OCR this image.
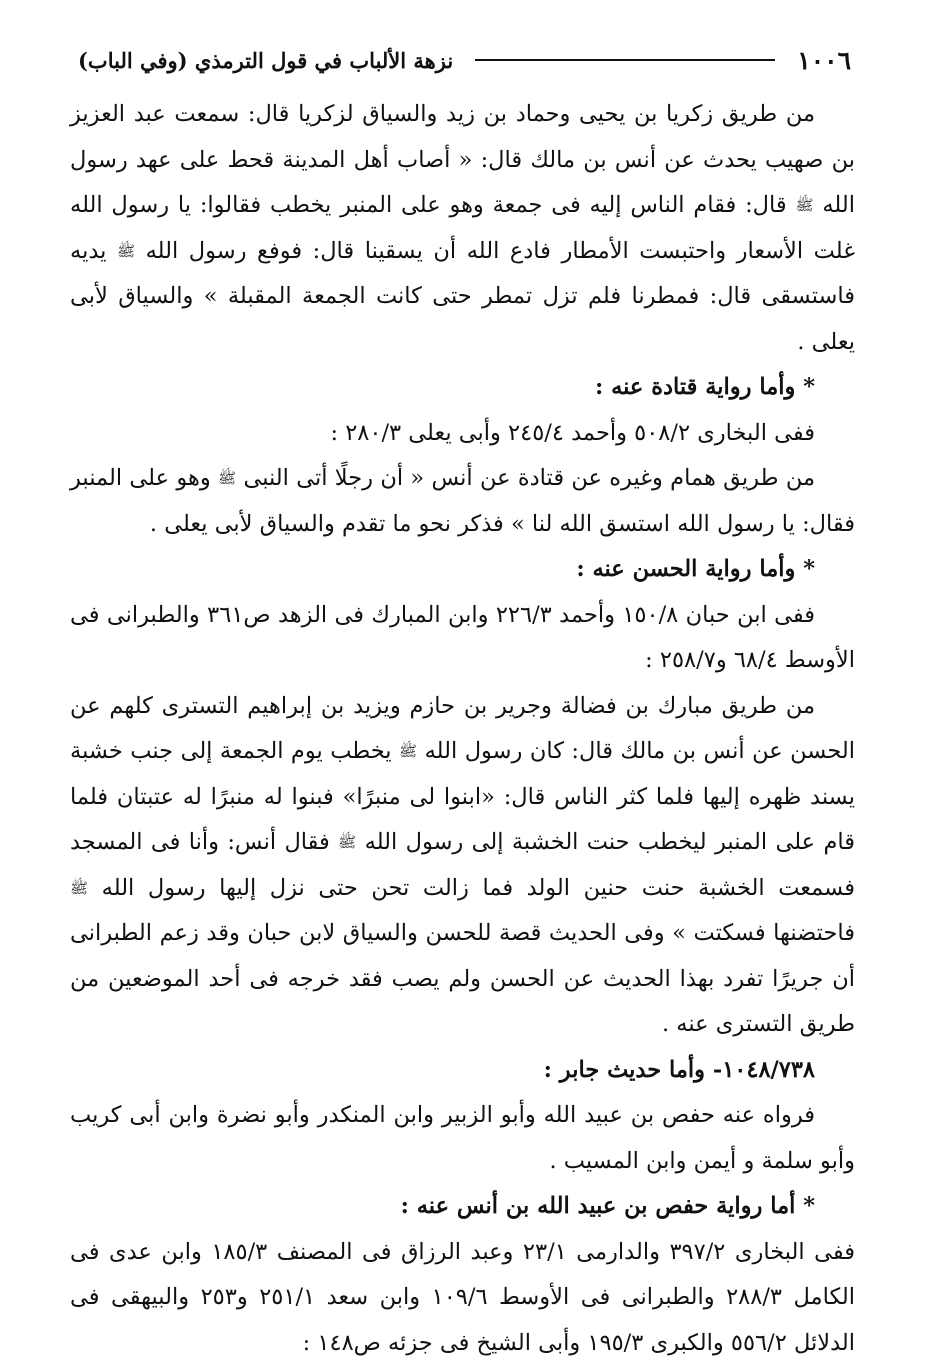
١٠٠٦
نزهة الألباب في قول الترمذي (وفي الباب)

من طريق زكريا بن يحيى وحماد بن زيد والسياق لزكريا قال: سمعت عبد العزيز بن صهيب يحدث عن أنس بن مالك قال: « أصاب أهل المدينة قحط على عهد رسول الله ﷺ قال: فقام الناس إليه فى جمعة وهو على المنبر يخطب فقالوا: يا رسول الله غلت الأسعار واحتبست الأمطار فادع الله أن يسقينا قال: فوفع رسول الله ﷺ يديه فاستسقى قال: فمطرنا فلم تزل تمطر حتى كانت الجمعة المقبلة » والسياق لأبى يعلى .

* وأما رواية قتادة عنه :

ففى البخارى ٥٠٨/٢ وأحمد ٢٤٥/٤ وأبى يعلى ٢٨٠/٣ :

من طريق همام وغيره عن قتادة عن أنس « أن رجلًا أتى النبى ﷺ وهو على المنبر فقال: يا رسول الله استسق الله لنا » فذكر نحو ما تقدم والسياق لأبى يعلى .

* وأما رواية الحسن عنه :

ففى ابن حبان ١٥٠/٨ وأحمد ٢٢٦/٣ وابن المبارك فى الزهد ص٣٦١ والطبرانى فى الأوسط ٦٨/٤ و٢٥٨/٧ :

من طريق مبارك بن فضالة وجرير بن حازم ويزيد بن إبراهيم التسترى كلهم عن الحسن عن أنس بن مالك قال: كان رسول الله ﷺ يخطب يوم الجمعة إلى جنب خشبة يسند ظهره إليها فلما كثر الناس قال: «ابنوا لى منبرًا» فبنوا له منبرًا له عتبتان فلما قام على المنبر ليخطب حنت الخشبة إلى رسول الله ﷺ فقال أنس: وأنا فى المسجد فسمعت الخشبة حنت حنين الولد فما زالت تحن حتى نزل إليها رسول الله ﷺ فاحتضنها فسكتت » وفى الحديث قصة للحسن والسياق لابن حبان وقد زعم الطبرانى أن جريرًا تفرد بهذا الحديث عن الحسن ولم يصب فقد خرجه فى أحد الموضعين من طريق التسترى عنه .

١٠٤٨/٧٣٨- وأما حديث جابر :

فرواه عنه حفص بن عبيد الله وأبو الزبير وابن المنكدر وأبو نضرة وابن أبى كريب وأبو سلمة و أيمن وابن المسيب .

* أما رواية حفص بن عبيد الله بن أنس عنه :

ففى البخارى ٣٩٧/٢ والدارمى ٢٣/١ وعبد الرزاق فى المصنف ١٨٥/٣ وابن عدى فى الكامل ٢٨٨/٣ والطبرانى فى الأوسط ١٠٩/٦ وابن سعد ٢٥١/١ و٢٥٣ والبيهقى فى الدلائل ٥٥٦/٢ والكبرى ١٩٥/٣ وأبى الشيخ فى جزئه ص١٤٨ :
